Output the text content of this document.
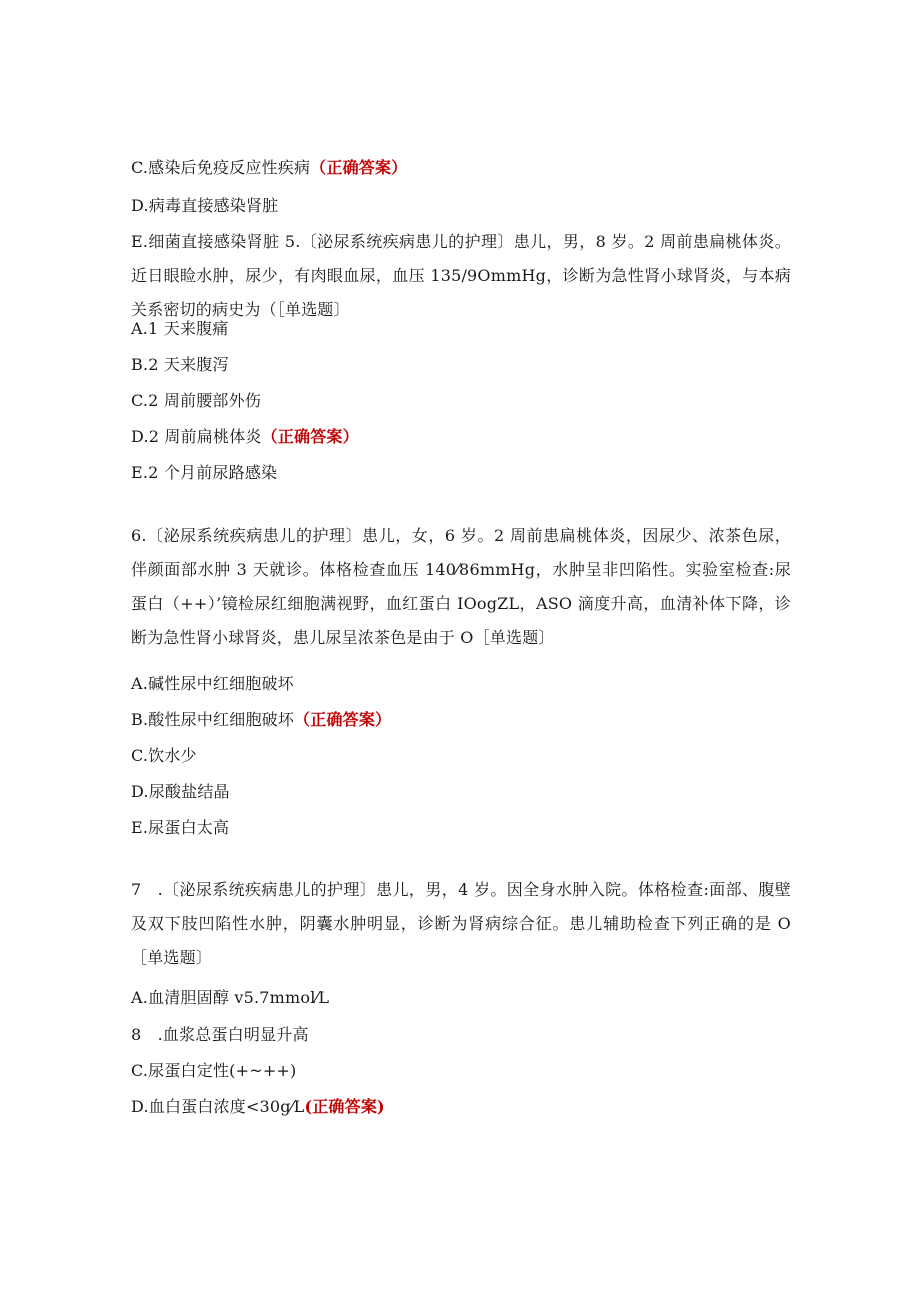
C.感染后免疫反应性疾病（正确答案）
D.病毒直接感染肾脏
E.细菌直接感染肾脏 5.〔泌尿系统疾病患儿的护理〕患儿，男，8 岁。2 周前患扁桃体炎。近日眼睑水肿，尿少，有肉眼血尿，血压 135/9OmmHg，诊断为急性肾小球肾炎，与本病关系密切的病史为（［单选题〕
A.1 天来腹痛
B.2 天来腹泻
C.2 周前腰部外伤
D.2 周前扁桃体炎（正确答案）
E.2 个月前尿路感染
6.〔泌尿系统疾病患儿的护理〕患儿，女，6 岁。2 周前患扁桃体炎，因尿少、浓茶色尿，伴颜面部水肿 3 天就诊。体格检查血压 140⁄86mmHg，水肿呈非凹陷性。实验室检查:尿蛋白（++）’镜检尿红细胞满视野，血红蛋白 IOogZL，ASO 滴度升高，血清补体下降，诊断为急性肾小球肾炎，患儿尿呈浓茶色是由于 O［单选题〕
A.碱性尿中红细胞破坏
B.酸性尿中红细胞破坏（正确答案）
C.饮水少
D.尿酸盐结晶
E.尿蛋白太高
7 .〔泌尿系统疾病患儿的护理〕患儿，男，4 岁。因全身水肿入院。体格检查:面部、腹壁及双下肢凹陷性水肿，阴囊水肿明显，诊断为肾病综合征。患儿辅助检查下列正确的是 O［单选题〕
A.血清胆固醇 v5.7mmol⁄L
8 .血浆总蛋白明显升高
C.尿蛋白定性(+~++)
D.血白蛋白浓度<30g⁄L(正确答案)
